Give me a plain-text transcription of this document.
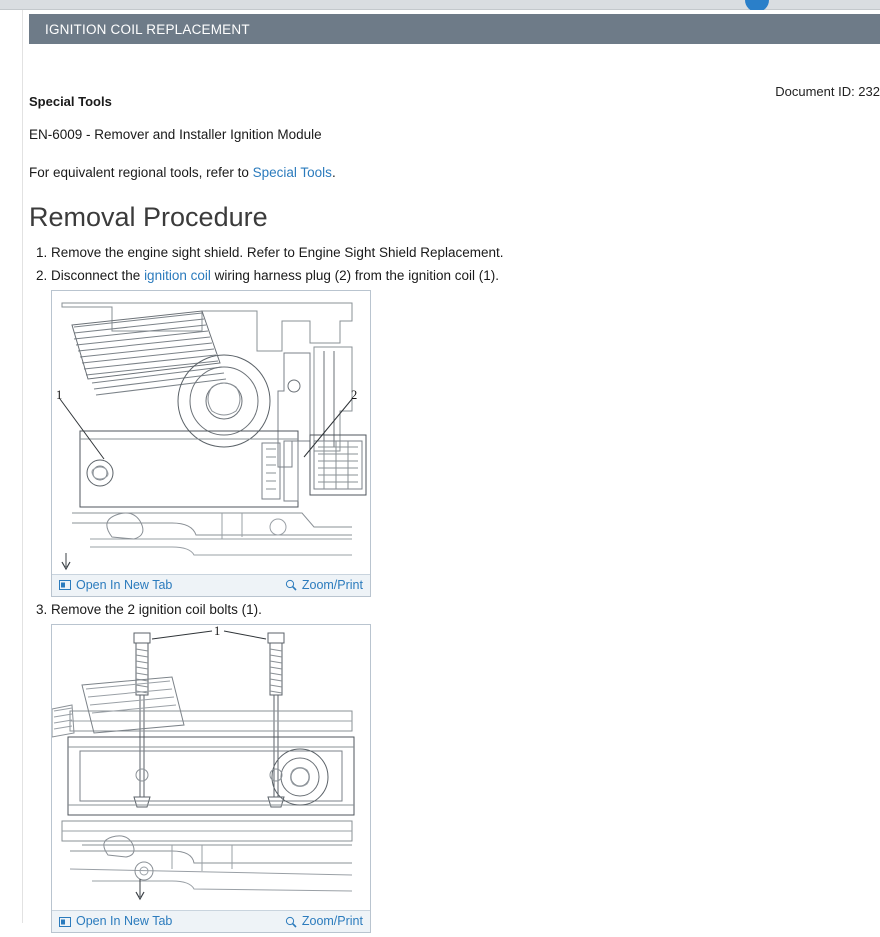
IGNITION COIL REPLACEMENT
Document ID: 232

Special Tools

EN-6009 - Remover and Installer Ignition Module

For equivalent regional tools, refer to Special Tools.

Removal Procedure
1. Remove the engine sight shield. Refer to Engine Sight Shield Replacement.
2. Disconnect the ignition coil wiring harness plug (2) from the ignition coil (1).
1	2
Open In New Tab	Zoom/Print
3. Remove the 2 ignition coil bolts (1).
1
Open In New Tab	Zoom/Print
